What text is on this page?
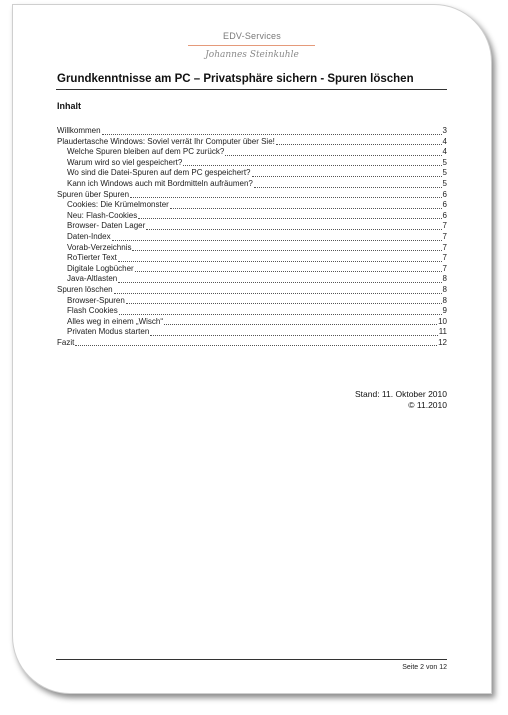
EDV-Services
Johannes Steinkuhle
Grundkenntnisse am PC – Privatsphäre sichern - Spuren löschen
Inhalt
Willkommen	3
Plaudertasche Windows: Soviel verrät Ihr Computer über Sie!	4
Welche Spuren bleiben auf dem PC zurück?	4
Warum wird so viel gespeichert?	5
Wo sind die Datei-Spuren auf dem PC gespeichert?	5
Kann ich Windows auch mit Bordmitteln aufräumen?	5
Spuren über Spuren	6
Cookies: Die Krümelmonster	6
Neu: Flash-Cookies	6
Browser- Daten Lager	7
Daten-Index	7
Vorab-Verzeichnis	7
RoTierter Text	7
Digitale Logbücher	7
Java-Altlasten	8
Spuren löschen	8
Browser-Spuren	8
Flash Cookies	9
Alles weg in einem „Wisch“	10
Privaten Modus starten	11
Fazit	12
Stand: 11. Oktober 2010
© 11.2010
Seite 2 von 12
